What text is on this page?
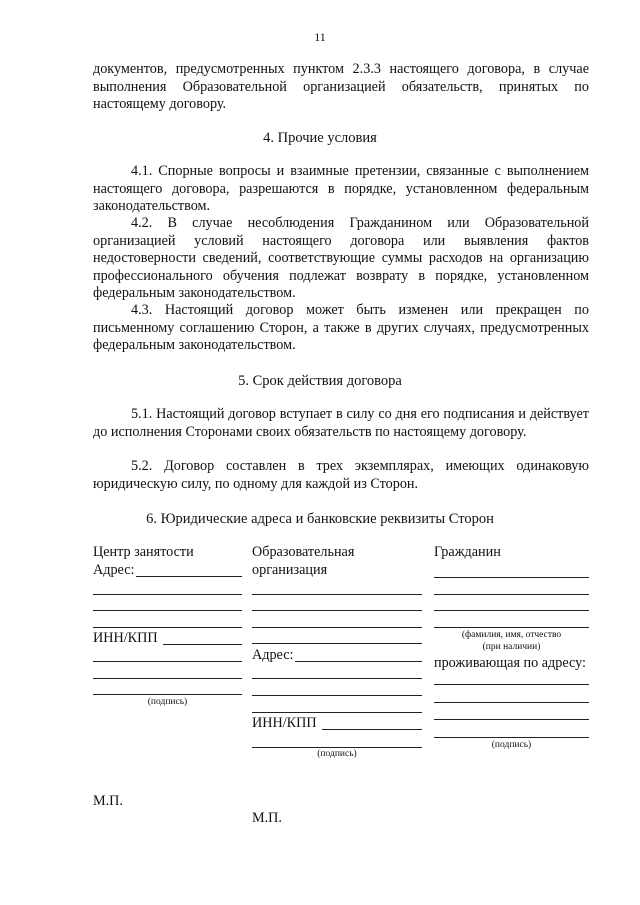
11

документов, предусмотренных пунктом 2.3.3 настоящего договора, в случае выполнения Образовательной организацией обязательств, принятых по настоящему договору.

4. Прочие условия

4.1. Спорные вопросы и взаимные претензии, связанные с выполнением настоящего договора, разрешаются в порядке, установленном федеральным законодательством.

4.2. В случае несоблюдения Гражданином или Образовательной организацией условий настоящего договора или выявления фактов недостоверности сведений, соответствующие суммы расходов на организацию профессионального обучения подлежат возврату в порядке, установленном федеральным законодательством.

4.3. Настоящий договор может быть изменен или прекращен по письменному соглашению Сторон, а также в других случаях, предусмотренных федеральным законодательством.

5. Срок действия договора

5.1. Настоящий договор вступает в силу со дня его подписания и действует до исполнения Сторонами своих обязательств по настоящему договору.

5.2. Договор составлен в трех экземплярах, имеющих одинаковую юридическую силу, по одному для каждой из Сторон.

6. Юридические адреса и банковские реквизиты Сторон
Центр занятости
Адрес:
ИНН/КПП
(подпись)
М.П.
Образовательная
организация
Адрес:
ИНН/КПП
(подпись)
М.П.
Гражданин
(фамилия, имя, отчество
(при наличии)
проживающая по адресу:
(подпись)
